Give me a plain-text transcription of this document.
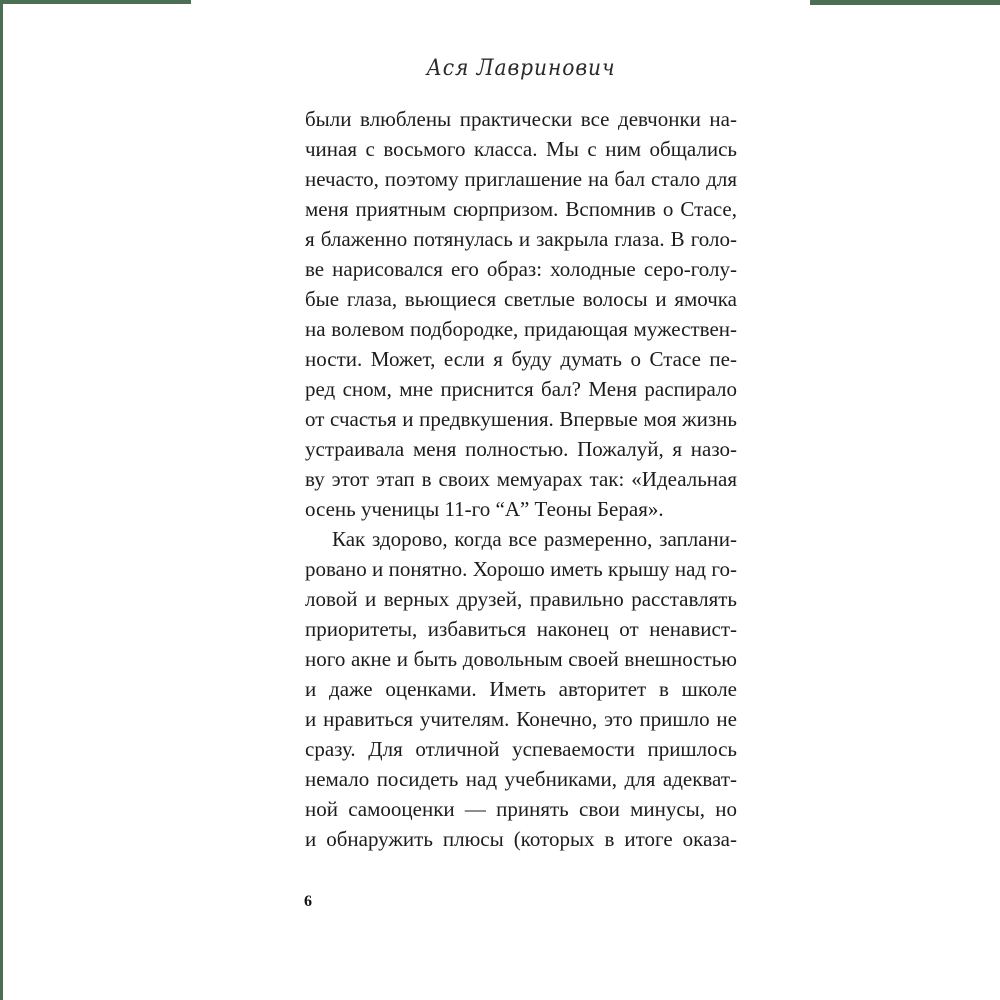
Ася Лавринович
были влюблены практически все девчонки на-
чиная с восьмого класса. Мы с ним общались
нечасто, поэтому приглашение на бал стало для
меня приятным сюрпризом. Вспомнив о Стасе,
я блаженно потянулась и закрыла глаза. В голо-
ве нарисовался его образ: холодные серо-голу-
бые глаза, вьющиеся светлые волосы и ямочка
на волевом подбородке, придающая мужествен-
ности. Может, если я буду думать о Стасе пе-
ред сном, мне приснится бал? Меня распирало
от счастья и предвкушения. Впервые моя жизнь
устраивала меня полностью. Пожалуй, я назо-
ву этот этап в своих мемуарах так: «Идеальная
осень ученицы 11-го “А” Теоны Берая».
Как здорово, когда все размеренно, заплани-
ровано и понятно. Хорошо иметь крышу над го-
ловой и верных друзей, правильно расставлять
приоритеты, избавиться наконец от ненавист-
ного акне и быть довольным своей внешностью
и даже оценками. Иметь авторитет в школе
и нравиться учителям. Конечно, это пришло не
сразу. Для отличной успеваемости пришлось
немало посидеть над учебниками, для адекват-
ной самооценки — принять свои минусы, но
и обнаружить плюсы (которых в итоге оказа-
6
